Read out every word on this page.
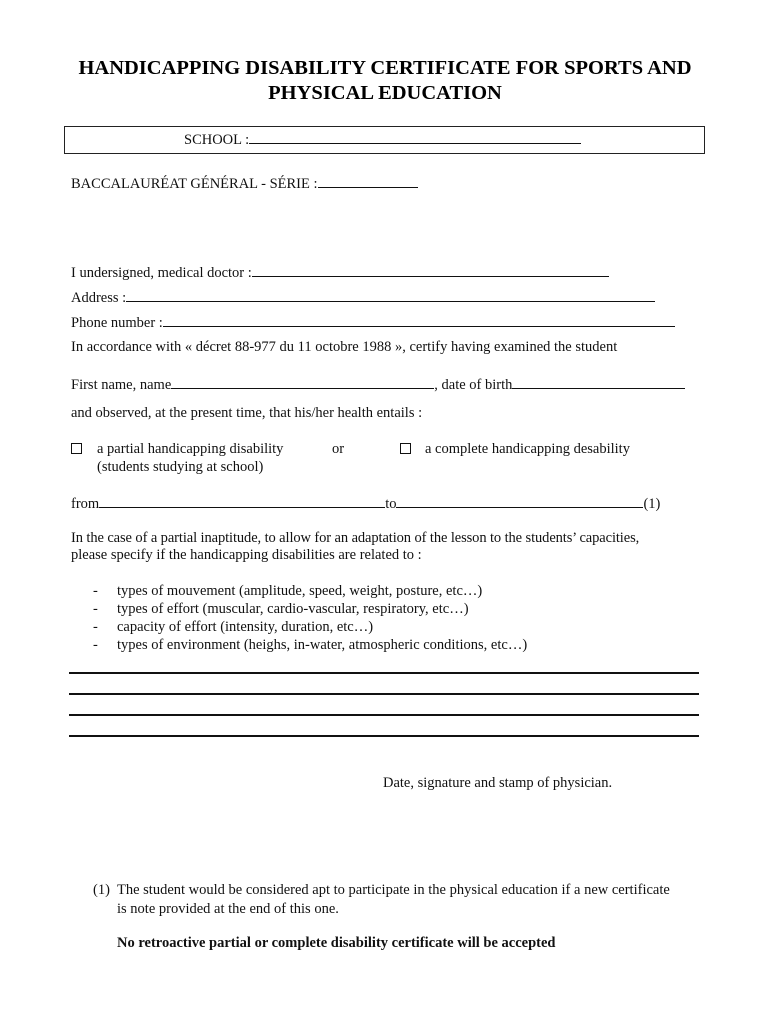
HANDICAPPING DISABILITY CERTIFICATE FOR SPORTS AND
PHYSICAL EDUCATION
SCHOOL :
BACCALAURÉAT GÉNÉRAL - SÉRIE :
I undersigned, medical doctor :
Address :
Phone number :
In accordance with « décret 88-977 du 11 octobre 1988 », certify having examined the student
First name, name	, date of birth
and observed, at the present time, that his/her health entails :
a partial handicapping disability
(students studying at school)
or	a complete handicapping desability
from	to	(1)
In the case of a partial inaptitude, to allow for an adaptation of the lesson to the students’ capacities,
please specify if the handicapping disabilities are related to :
- types of mouvement (amplitude, speed, weight, posture, etc…)
- types of effort (muscular, cardio-vascular, respiratory, etc…)
- capacity of effort (intensity, duration, etc…)
- types of environment (heighs, in-water, atmospheric conditions, etc…)
Date, signature and stamp of physician.
(1) The student would be considered apt to participate in the physical education if a new certificate
is note provided at the end of this one.
No retroactive partial or complete disability certificate will be accepted
